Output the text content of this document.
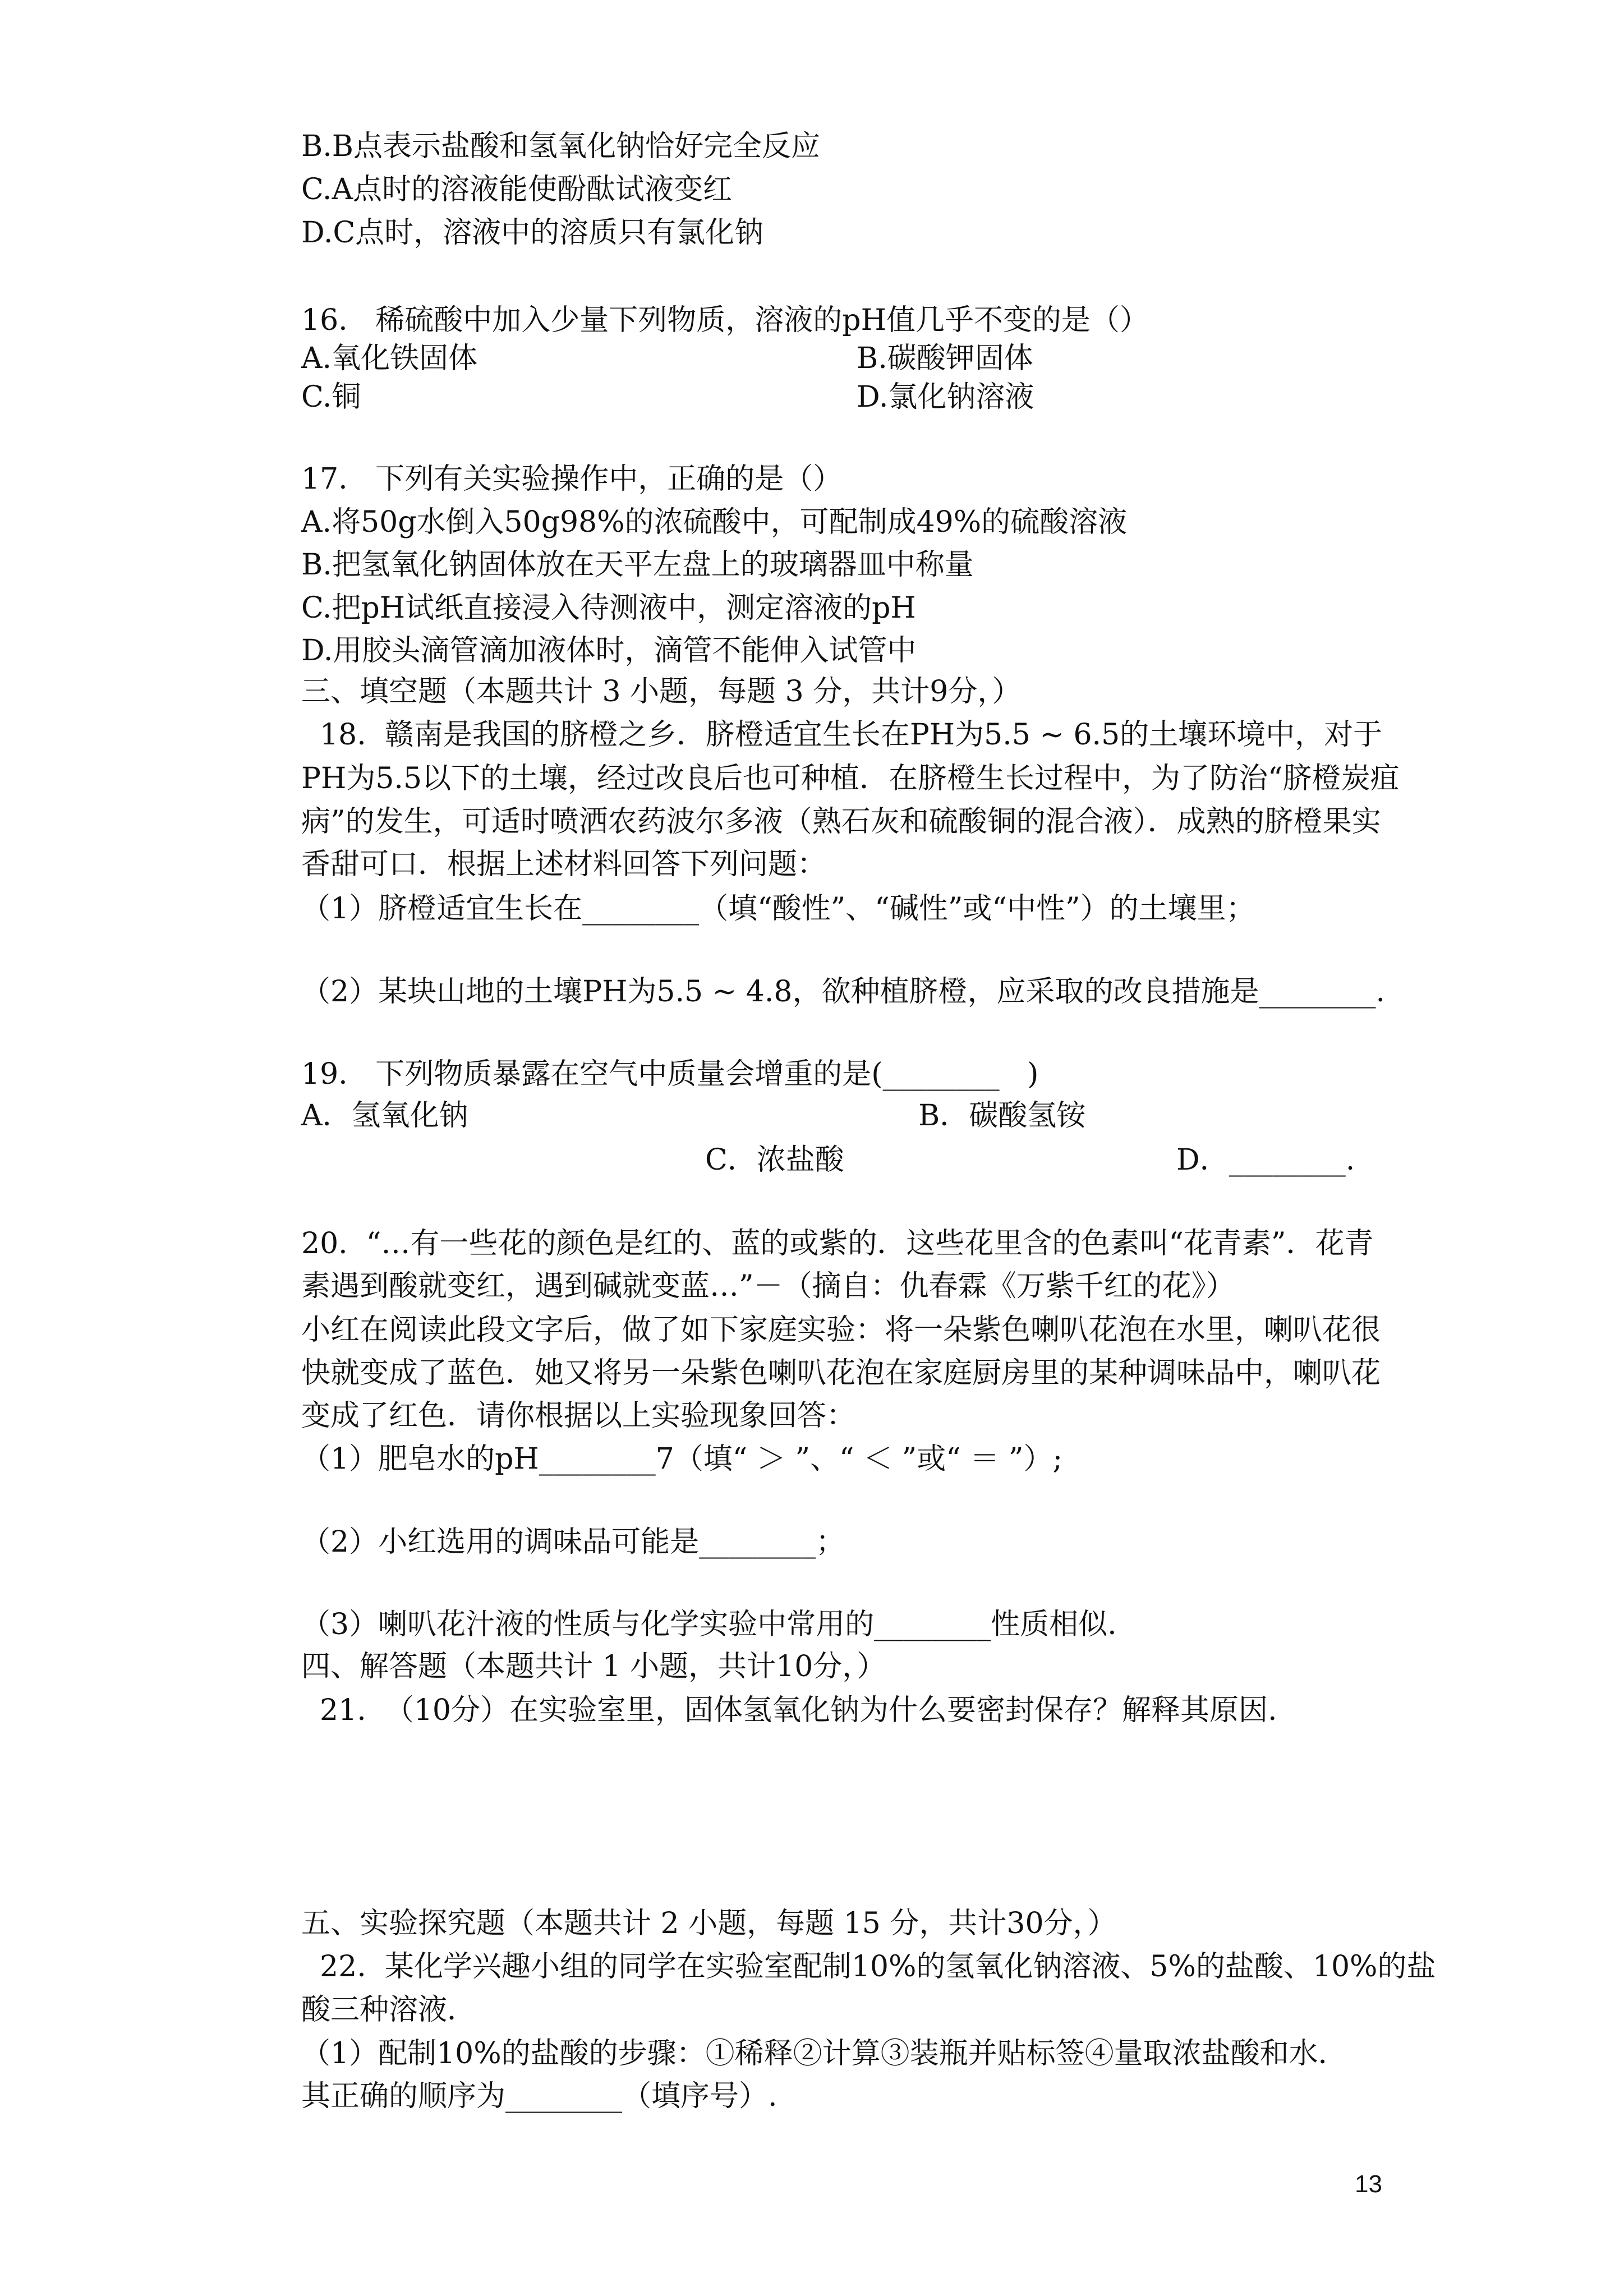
B.B点表示盐酸和氢氧化钠恰好完全反应
C.A点时的溶液能使酚酞试液变红
D.C点时，溶液中的溶质只有氯化钠
16.   稀硫酸中加入少量下列物质，溶液的pH值几乎不变的是（）
A.氧化铁固体	B.碳酸钾固体
C.铜	D.氯化钠溶液
17.   下列有关实验操作中，正确的是（）
A.将50g水倒入50g98%的浓硫酸中，可配制成49%的硫酸溶液
B.把氢氧化钠固体放在天平左盘上的玻璃器皿中称量
C.把pH试纸直接浸入待测液中，测定溶液的pH
D.用胶头滴管滴加液体时，滴管不能伸入试管中
三、填空题（本题共计 3 小题，每题 3 分，共计9分，）
18.  赣南是我国的脐橙之乡．脐橙适宜生长在PH为5.5 ~ 6.5的土壤环境中，对于
PH为5.5以下的土壤，经过改良后也可种植．在脐橙生长过程中，为了防治“脐橙炭疽
病”的发生，可适时喷洒农药波尔多液（熟石灰和硫酸铜的混合液）．成熟的脐橙果实
香甜可口．根据上述材料回答下列问题：
（1）脐橙适宜生长在________（填“酸性”、“碱性”或“中性”）的土壤里；
（2）某块山地的土壤PH为5.5 ~ 4.8，欲种植脐橙，应采取的改良措施是________.
19.   下列物质暴露在空气中质量会增重的是(________   )
A．氢氧化钠	B．碳酸氢铵
C．浓盐酸	D．________.
20.  “…有一些花的颜色是红的、蓝的或紫的．这些花里含的色素叫“花青素”．花青
素遇到酸就变红，遇到碱就变蓝…”－（摘自：仇春霖《万紫千红的花》）
小红在阅读此段文字后，做了如下家庭实验：将一朵紫色喇叭花泡在水里，喇叭花很
快就变成了蓝色．她又将另一朵紫色喇叭花泡在家庭厨房里的某种调味品中，喇叭花
变成了红色．请你根据以上实验现象回答：
（1）肥皂水的pH________7（填“ ＞ ”、“ ＜ ”或“ ＝ ”）;
（2）小红选用的调味品可能是________；
（3）喇叭花汁液的性质与化学实验中常用的________性质相似.
四、解答题（本题共计 1 小题，共计10分，）
21.  （10分）在实验室里，固体氢氧化钠为什么要密封保存？解释其原因.
五、实验探究题（本题共计 2 小题，每题 15 分，共计30分，）
22.  某化学兴趣小组的同学在实验室配制10%的氢氧化钠溶液、5%的盐酸、10%的盐
酸三种溶液．
（1）配制10%的盐酸的步骤：①稀释②计算③装瓶并贴标签④量取浓盐酸和水．
其正确的顺序为________（填序号）.
13
